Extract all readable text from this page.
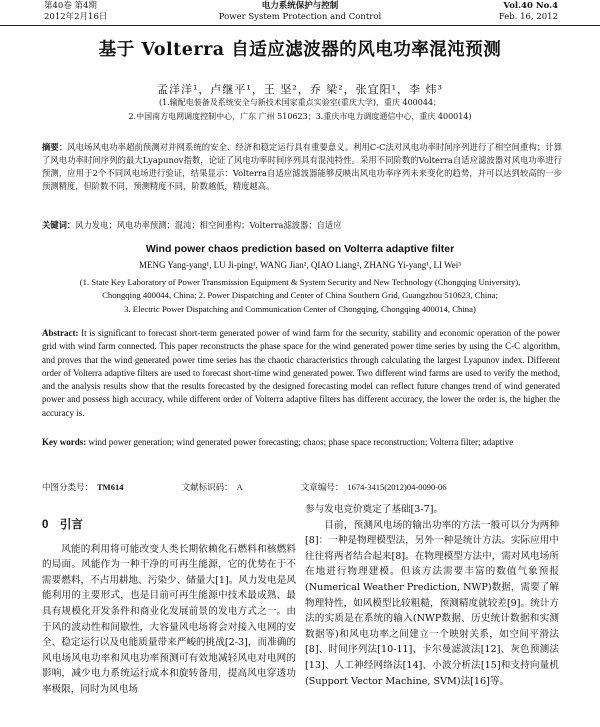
第40卷 第4期
2012年2月16日
电力系统保护与控制
Power System Protection and Control
Vol.40 No.4
Feb. 16, 2012
基于 Volterra 自适应滤波器的风电功率混沌预测
孟洋洋¹，卢继平¹，王 坚²，乔 梁²，张宜阳¹，李 炜³
(1.输配电装备及系统安全与新技术国家重点实验室(重庆大学)，重庆 400044；
2.中国南方电网调度控制中心，广东 广州 510623；3.重庆市电力调度通信中心，重庆 400014)
摘要：风电场风电功率超前预测对并网系统的安全、经济和稳定运行具有重要意义。利用C-C法对风电功率时间序列进行了相空间重构；计算了风电功率时间序列的最大Lyapunov指数，论证了风电功率时间序列具有混沌特性。采用不同阶数的Volterra自适应滤波器对风电功率进行预测，应用于2个不同风电场进行验证，结果显示：Volterra自适应滤波器能够反映出风电功率序列未来变化的趋势，并可以达到较高的一步预测精度，但阶数不同，预测精度不同，阶数越低，精度越高。
关键词：风力发电；风电功率预测；混沌；相空间重构；Volterra滤波器；自适应
Wind power chaos prediction based on Volterra adaptive filter
MENG Yang-yang¹, LU Ji-ping¹, WANG Jian², QIAO Liang², ZHANG Yi-yang¹, LI Wei³
(1. State Key Laboratory of Power Transmission Equipment & System Security and New Technology (Chongqing University),
Chongqing 400044, China; 2. Power Dispatching and Center of China Southern Grid, Guangzhou 510623, China;
3. Electric Power Dispatching and Communication Center of Chongqing, Chongqing 400014, China)
Abstract: It is significant to forecast short-term generated power of wind farm for the security, stability and economic operation of the power grid with wind farm connected. This paper reconstructs the phase space for the wind generated power time series by using the C-C algorithm, and proves that the wind generated power time series has the chaotic characteristics through calculating the largest Lyapunov index. Different order of Volterra adaptive filters are used to forecast short-time wind generated power. Two different wind farms are used to verify the method, and the analysis results show that the results forecasted by the designed forecasting model can reflect future changes trend of wind generated power and possess high accuracy, while different order of Volterra adaptive filters has different accuracy, the lower the order is, the higher the accuracy is.
Key words: wind power generation; wind generated power forecasting; chaos; phase space reconstruction; Volterra filter; adaptive
中图分类号： TM614	文献标识码： A	文章编号： 1674-3415(2012)04-0090-06
0　引言

风能的利用将可能改变人类长期依赖化石燃料和核燃料的局面。风能作为一种干净的可再生能源，它的优势在于不需要燃料，不占用耕地、污染少、储量大[1]。风力发电是风能利用的主要形式，也是目前可再生能源中技术最成熟、最具有规模化开发条件和商业化发展前景的发电方式之一。由于风的波动性和间歇性，大容量风电场将会对接入电网的安全、稳定运行以及电能质量带来严峻的挑战[2-3]，而准确的风电场风电功率和风电功率预测可有效地减轻风电对电网的影响，减少电力系统运行成本和旋转备用，提高风电穿透功率极限，同时为风电场

参与发电竞价奠定了基础[3-7]。

目前，预测风电场的输出功率的方法一般可以分为两种[8]：一种是物理模型法，另外一种是统计方法。实际应用中往往将两者结合起来[8]。在物理模型方法中，需对风电场所在地进行物理建模。但该方法需要丰富的数值气象预报(Numerical Weather Prediction, NWP)数据，需要了解物理特性，如风模型比较粗糙，预测精度就较差[9]。统计方法的实质是在系统的输入(NWP数据、历史统计数据和实测数据等)和风电功率之间建立一个映射关系，如空间平滑法[8]、时间序列法[10-11]、卡尔曼滤波法[12]、灰色预测法[13]、人工神经网络法[14]、小波分析法[15]和支持向量机(Support Vector Machine, SVM)法[16]等。
